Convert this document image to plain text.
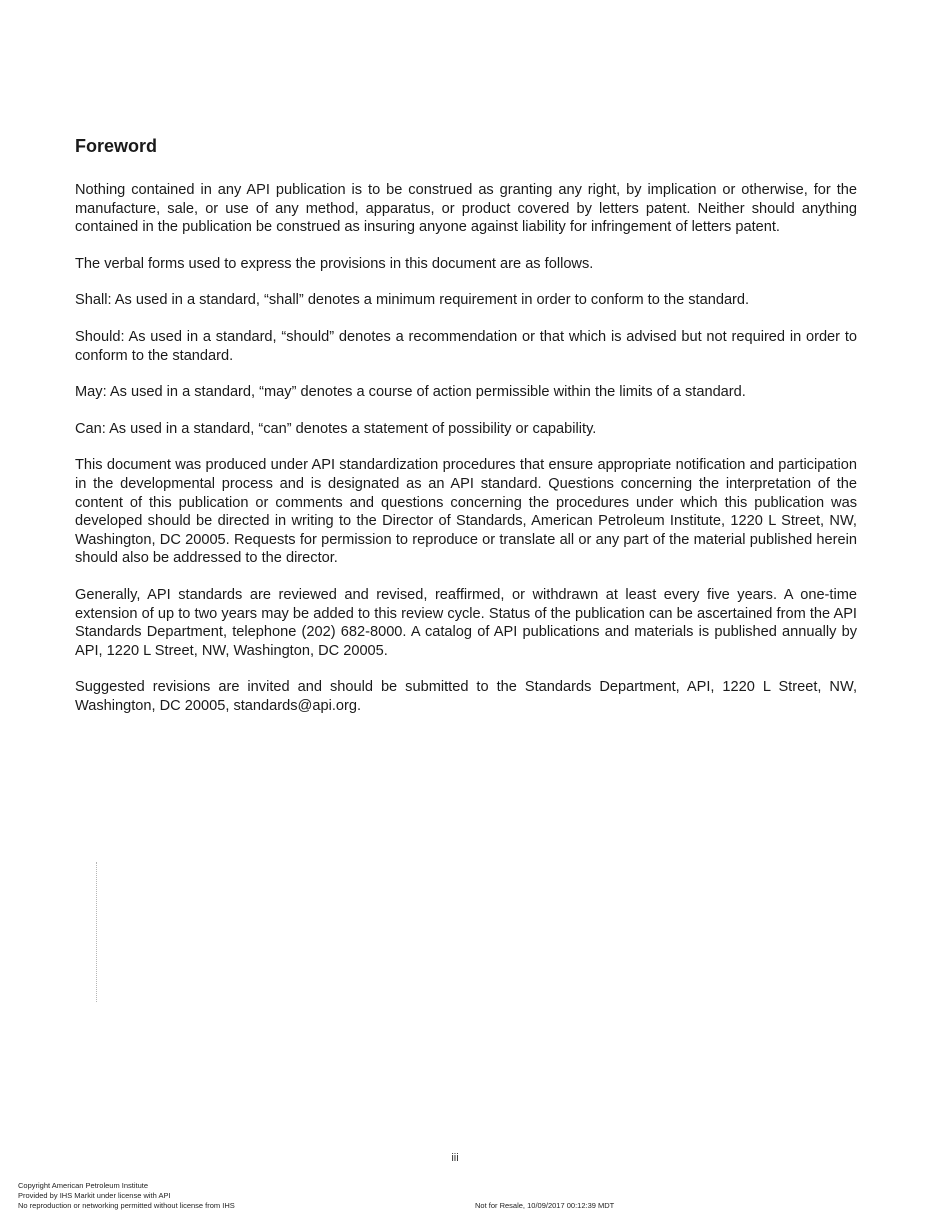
Foreword

Nothing contained in any API publication is to be construed as granting any right, by implication or otherwise, for the manufacture, sale, or use of any method, apparatus, or product covered by letters patent. Neither should anything contained in the publication be construed as insuring anyone against liability for infringement of letters patent.

The verbal forms used to express the provisions in this document are as follows.

Shall: As used in a standard, “shall” denotes a minimum requirement in order to conform to the standard.

Should: As used in a standard, “should” denotes a recommendation or that which is advised but not required in order to conform to the standard.

May: As used in a standard, “may” denotes a course of action permissible within the limits of a standard.

Can: As used in a standard, “can” denotes a statement of possibility or capability.

This document was produced under API standardization procedures that ensure appropriate notification and participation in the developmental process and is designated as an API standard. Questions concerning the interpretation of the content of this publication or comments and questions concerning the procedures under which this publication was developed should be directed in writing to the Director of Standards, American Petroleum Institute, 1220 L Street, NW, Washington, DC 20005. Requests for permission to reproduce or translate all or any part of the material published herein should also be addressed to the director.

Generally, API standards are reviewed and revised, reaffirmed, or withdrawn at least every five years. A one-time extension of up to two years may be added to this review cycle. Status of the publication can be ascertained from the API Standards Department, telephone (202) 682-8000. A catalog of API publications and materials is published annually by API, 1220 L Street, NW, Washington, DC 20005.

Suggested revisions are invited and should be submitted to the Standards Department, API, 1220 L Street, NW, Washington, DC 20005, standards@api.org.

iii
Copyright American Petroleum Institute
Provided by IHS Markit under license with API
No reproduction or networking permitted without license from IHS	Not for Resale, 10/09/2017 00:12:39 MDT
